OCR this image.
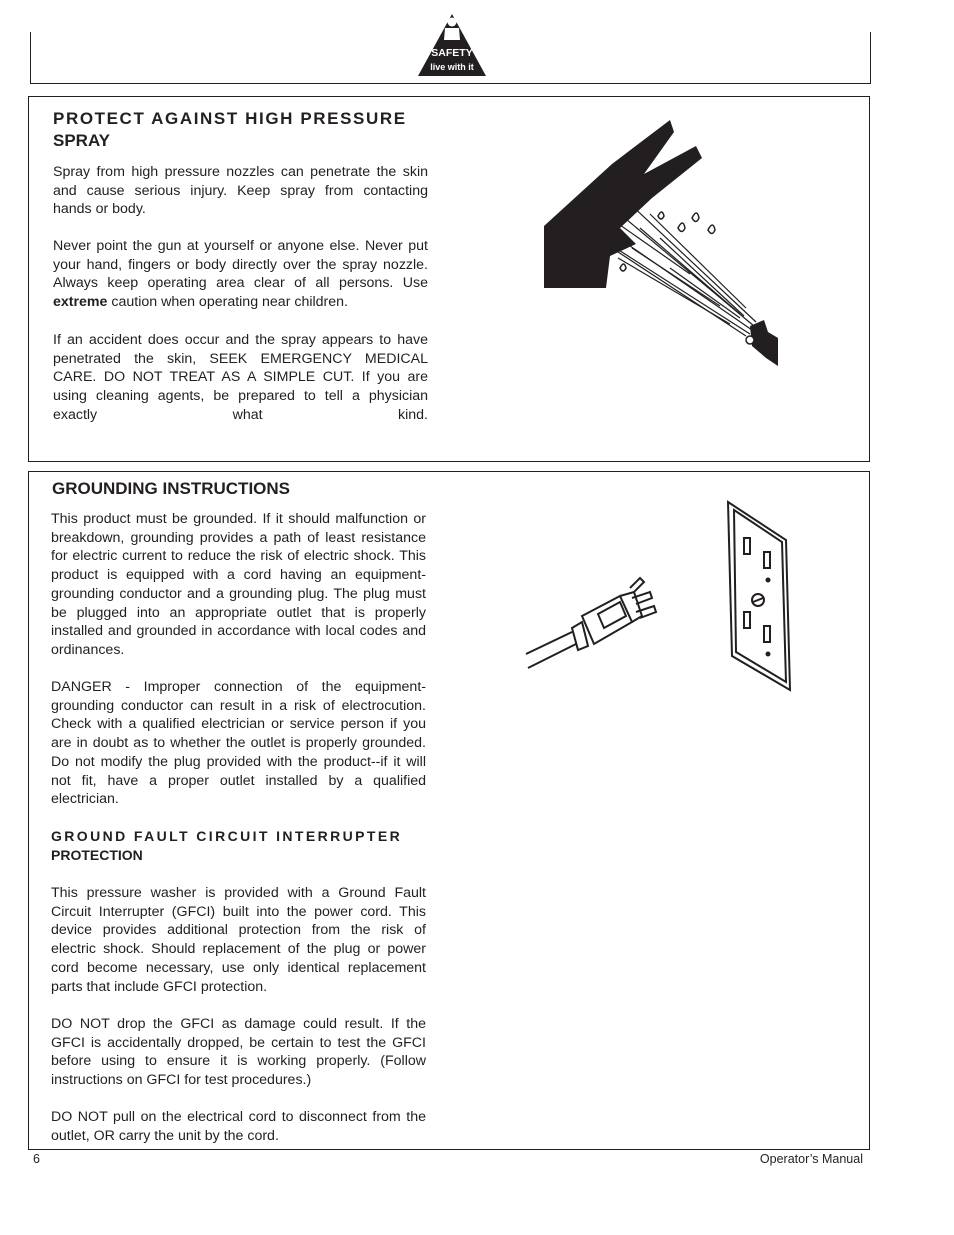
SAFETY
live with it
PROTECT AGAINST HIGH PRESSURE
SPRAY

Spray from high pressure nozzles can penetrate the skin and cause serious injury. Keep spray from contacting hands or body.

Never point the gun at yourself or anyone else. Never put your hand, fingers or body directly over the spray nozzle. Always keep operating area clear of all persons. Use extreme caution when operating near children.

If an accident does occur and the spray appears to have penetrated the skin, SEEK EMERGENCY MEDICAL CARE. DO NOT TREAT AS A SIMPLE CUT. If you are using cleaning agents, be prepared to tell a physician exactly what kind.

GROUNDING INSTRUCTIONS

This product must be grounded. If it should malfunction or breakdown, grounding provides a path of least resistance for electric current to reduce the risk of electric shock. This product is equipped with a cord having an equipment-grounding conductor and a grounding plug. The plug must be plugged into an appropriate outlet that is properly installed and grounded in accordance with local codes and ordinances.

DANGER - Improper connection of the equipment-grounding conductor can result in a risk of electrocution. Check with a qualified electrician or service person if you are in doubt as to whether the outlet is properly grounded. Do not modify the plug provided with the product--if it will not fit, have a proper outlet installed by a qualified electrician.

GROUND FAULT CIRCUIT INTERRUPTER
PROTECTION

This pressure washer is provided with a Ground Fault Circuit Interrupter (GFCI) built into the power cord. This device provides additional protection from the risk of electric shock. Should replacement of the plug or power cord become necessary, use only identical replacement parts that include GFCI protection.

DO NOT drop the GFCI as damage could result. If the GFCI is accidentally dropped, be certain to test the GFCI before using to ensure it is working properly. (Follow instructions on GFCI for test procedures.)

DO NOT pull on the electrical cord to disconnect from the outlet, OR carry the unit by the cord.

6	Operator’s Manual
